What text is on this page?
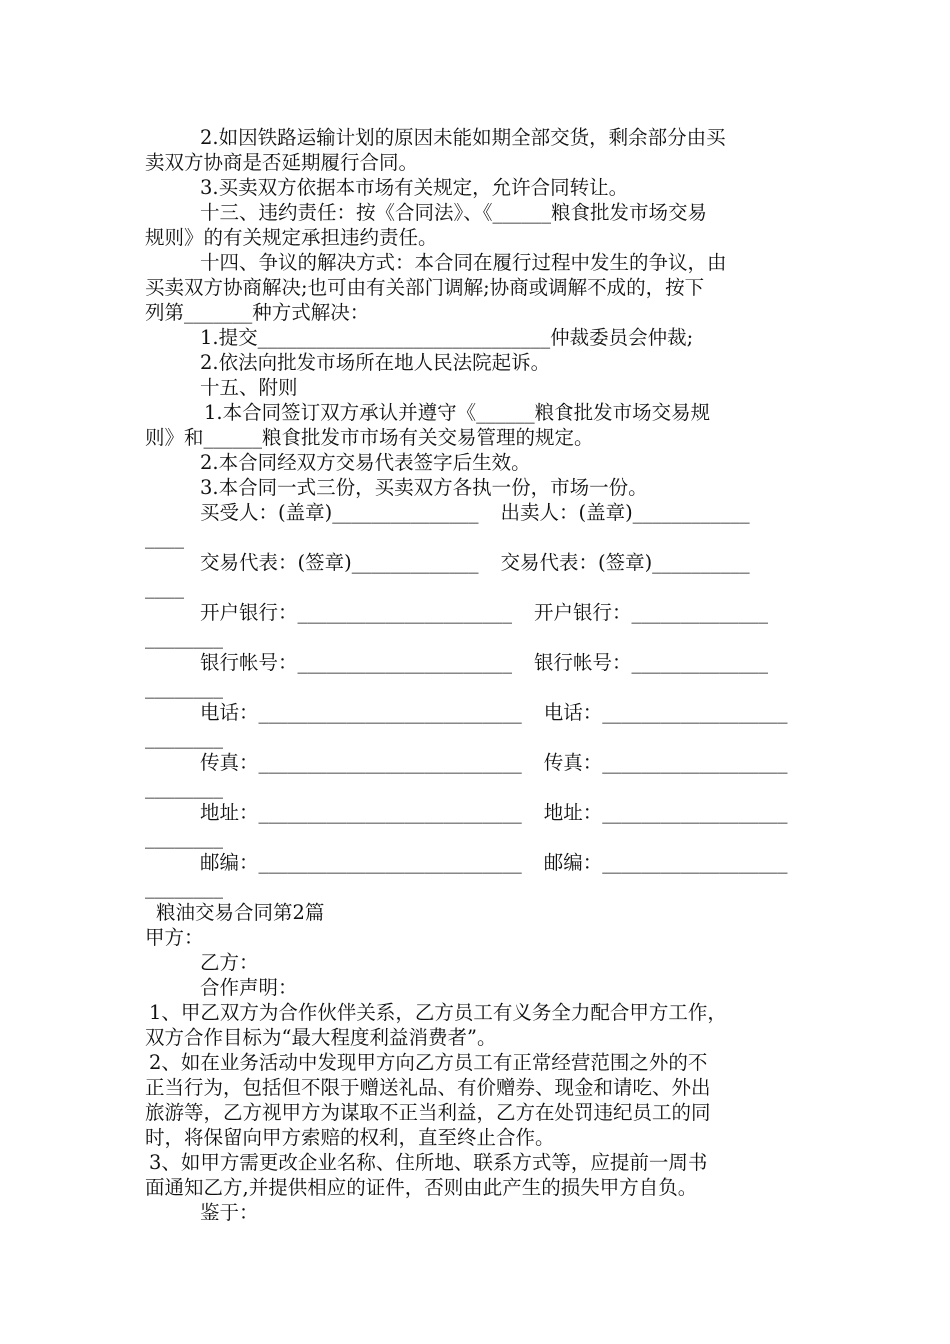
2.如因铁路运输计划的原因未能如期全部交货，剩余部分由买
卖双方协商是否延期履行合同。
3.买卖双方依据本市场有关规定，允许合同转让。
十三、违约责任：按《合同法》、《______粮食批发市场交易
规则》的有关规定承担违约责任。
十四、争议的解决方式：本合同在履行过程中发生的争议，由
买卖双方协商解决;也可由有关部门调解;协商或调解不成的，按下
列第_______种方式解决：
1.提交______________________________仲裁委员会仲裁;
2.依法向批发市场所在地人民法院起诉。
十五、附则
1.本合同签订双方承认并遵守《______粮食批发市场交易规
则》和______粮食批发市市场有关交易管理的规定。
2.本合同经双方交易代表签字后生效。
3.本合同一式三份，买卖双方各执一份，市场一份。
买受人：(盖章)_______________ 出卖人：(盖章)____________
____
交易代表：(签章)_____________ 交易代表：(签章)__________
____
开户银行：______________________ 开户银行：______________
________
银行帐号：______________________ 银行帐号：______________
________
电话：___________________________ 电话：___________________
________
传真：___________________________ 传真：___________________
________
地址：___________________________ 地址：___________________
________
邮编：___________________________ 邮编：___________________
________
粮油交易合同第2篇
甲方：
乙方：
合作声明：
1、甲乙双方为合作伙伴关系，乙方员工有义务全力配合甲方工作，
双方合作目标为“最大程度利益消费者”。
2、如在业务活动中发现甲方向乙方员工有正常经营范围之外的不
正当行为，包括但不限于赠送礼品、有价赠券、现金和请吃、外出
旅游等，乙方视甲方为谋取不正当利益，乙方在处罚违纪员工的同
时，将保留向甲方索赔的权利，直至终止合作。
3、如甲方需更改企业名称、住所地、联系方式等，应提前一周书
面通知乙方,并提供相应的证件，否则由此产生的损失甲方自负。
鉴于：
